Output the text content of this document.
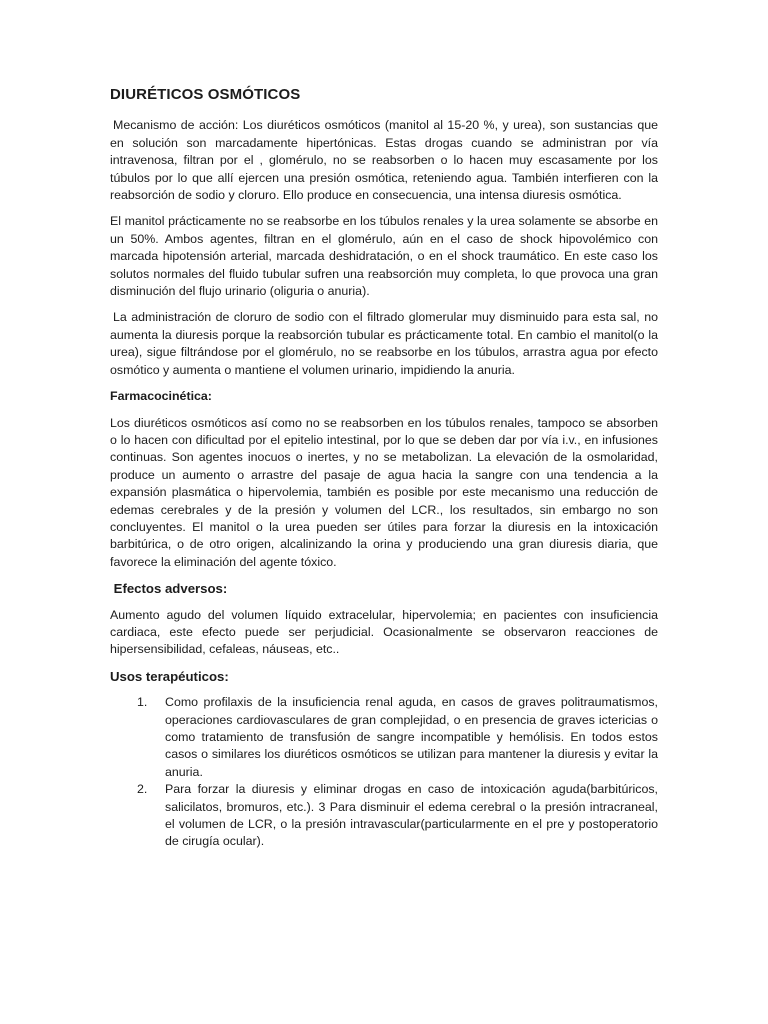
DIURÉTICOS OSMÓTICOS

Mecanismo de acción: Los diuréticos osmóticos (manitol al 15-20 %, y urea), son sustancias que en solución son marcadamente hipertónicas. Estas drogas cuando se administran por vía intravenosa, filtran por el , glomérulo, no se reabsorben o lo hacen muy escasamente por los túbulos por lo que allí ejercen una presión osmótica, reteniendo agua. También interfieren con la reabsorción de sodio y cloruro. Ello produce en consecuencia, una intensa diuresis osmótica.

El manitol prácticamente no se reabsorbe en los túbulos renales y la urea solamente se absorbe en un 50%. Ambos agentes, filtran en el glomérulo, aún en el caso de shock hipovolémico con marcada hipotensión arterial, marcada deshidratación, o en el shock traumático. En este caso los solutos normales del fluido tubular sufren una reabsorción muy completa, lo que provoca una gran disminución del flujo urinario (oliguria o anuria).

La administración de cloruro de sodio con el filtrado glomerular muy disminuido para esta sal, no aumenta la diuresis porque la reabsorción tubular es prácticamente total. En cambio el manitol(o la urea), sigue filtrándose por el glomérulo, no se reabsorbe en los túbulos, arrastra agua por efecto osmótico y aumenta o mantiene el volumen urinario, impidiendo la anuria.

Farmacocinética:

Los diuréticos osmóticos así como no se reabsorben en los túbulos renales, tampoco se absorben o lo hacen con dificultad por el epitelio intestinal, por lo que se deben dar por vía i.v., en infusiones continuas. Son agentes inocuos o inertes, y no se metabolizan. La elevación de la osmolaridad, produce un aumento o arrastre del pasaje de agua hacia la sangre con una tendencia a la expansión plasmática o hipervolemia, también es posible por este mecanismo una reducción de edemas cerebrales y de la presión y volumen del LCR., los resultados, sin embargo no son concluyentes. El manitol o la urea pueden ser útiles para forzar la diuresis en la intoxicación barbitúrica, o de otro origen, alcalinizando la orina y produciendo una gran diuresis diaria, que favorece la eliminación del agente tóxico.

Efectos adversos:

Aumento agudo del volumen líquido extracelular, hipervolemia; en pacientes con insuficiencia cardiaca, este efecto puede ser perjudicial. Ocasionalmente se observaron reacciones de hipersensibilidad, cefaleas, náuseas, etc..

Usos terapéuticos:
1. Como profilaxis de la insuficiencia renal aguda, en casos de graves politraumatismos, operaciones cardiovasculares de gran complejidad, o en presencia de graves ictericias o como tratamiento de transfusión de sangre incompatible y hemólisis. En todos estos casos o similares los diuréticos osmóticos se utilizan para mantener la diuresis y evitar la anuria.
2. Para forzar la diuresis y eliminar drogas en caso de intoxicación aguda(barbitúricos, salicilatos, bromuros, etc.). 3 Para disminuir el edema cerebral o la presión intracraneal, el volumen de LCR, o la presión intravascular(particularmente en el pre y postoperatorio de cirugía ocular).
